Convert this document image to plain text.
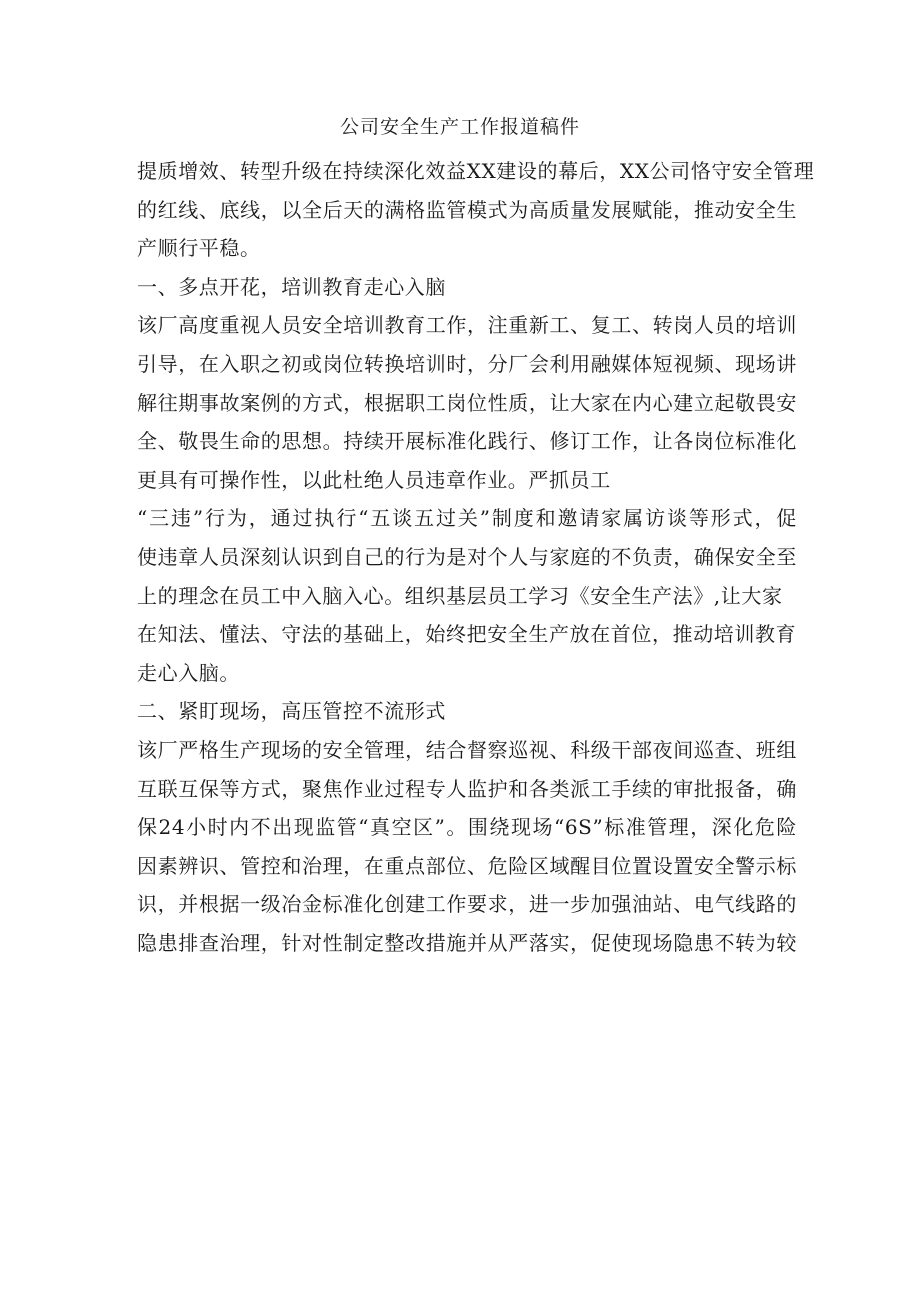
公司安全生产工作报道稿件
提质增效、转型升级在持续深化效益XX建设的幕后，XX公司恪守安全管理
的红线、底线，以全后天的满格监管模式为高质量发展赋能，推动安全生
产顺行平稳。
一、多点开花，培训教育走心入脑
该厂高度重视人员安全培训教育工作，注重新工、复工、转岗人员的培训
引导，在入职之初或岗位转换培训时，分厂会利用融媒体短视频、现场讲
解往期事故案例的方式，根据职工岗位性质，让大家在内心建立起敬畏安
全、敬畏生命的思想。持续开展标准化践行、修订工作，让各岗位标准化
更具有可操作性，以此杜绝人员违章作业。严抓员工
“三违”行为，通过执行“五谈五过关”制度和邀请家属访谈等形式，促
使违章人员深刻认识到自己的行为是对个人与家庭的不负责，确保安全至
上的理念在员工中入脑入心。组织基层员工学习《安全生产法》,让大家
在知法、懂法、守法的基础上，始终把安全生产放在首位，推动培训教育
走心入脑。
二、紧盯现场，高压管控不流形式
该厂严格生产现场的安全管理，结合督察巡视、科级干部夜间巡查、班组
互联互保等方式，聚焦作业过程专人监护和各类派工手续的审批报备，确
保24小时内不出现监管“真空区”。围绕现场“6S”标准管理，深化危险
因素辨识、管控和治理，在重点部位、危险区域醒目位置设置安全警示标
识，并根据一级冶金标准化创建工作要求，进一步加强油站、电气线路的
隐患排查治理，针对性制定整改措施并从严落实，促使现场隐患不转为较
